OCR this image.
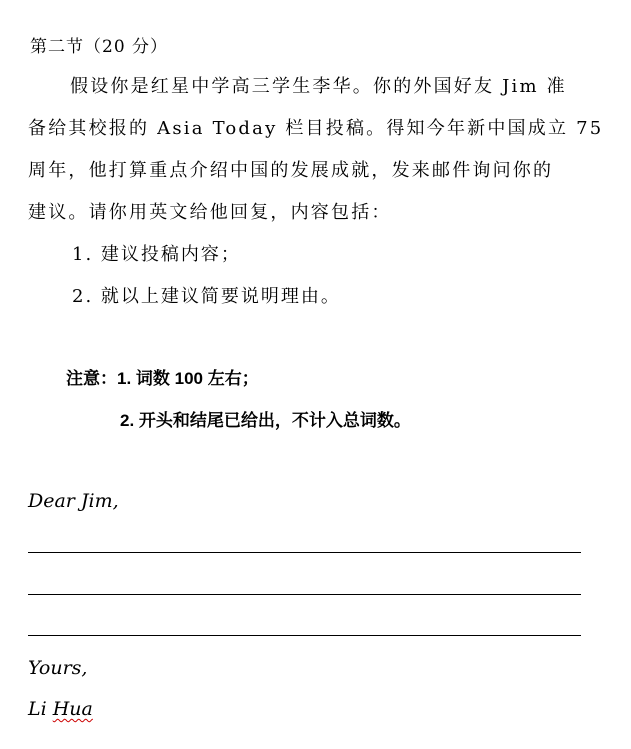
第二节（20 分）
假设你是红星中学高三学生李华。你的外国好友 Jim 准
备给其校报的 Asia Today 栏目投稿。得知今年新中国成立 75
周年，他打算重点介绍中国的发展成就，发来邮件询问你的
建议。请你用英文给他回复，内容包括：
1. 建议投稿内容；
2. 就以上建议简要说明理由。
注意：1. 词数 100 左右；
2. 开头和结尾已给出，不计入总词数。
Dear Jim,
Yours,
Li Hua
